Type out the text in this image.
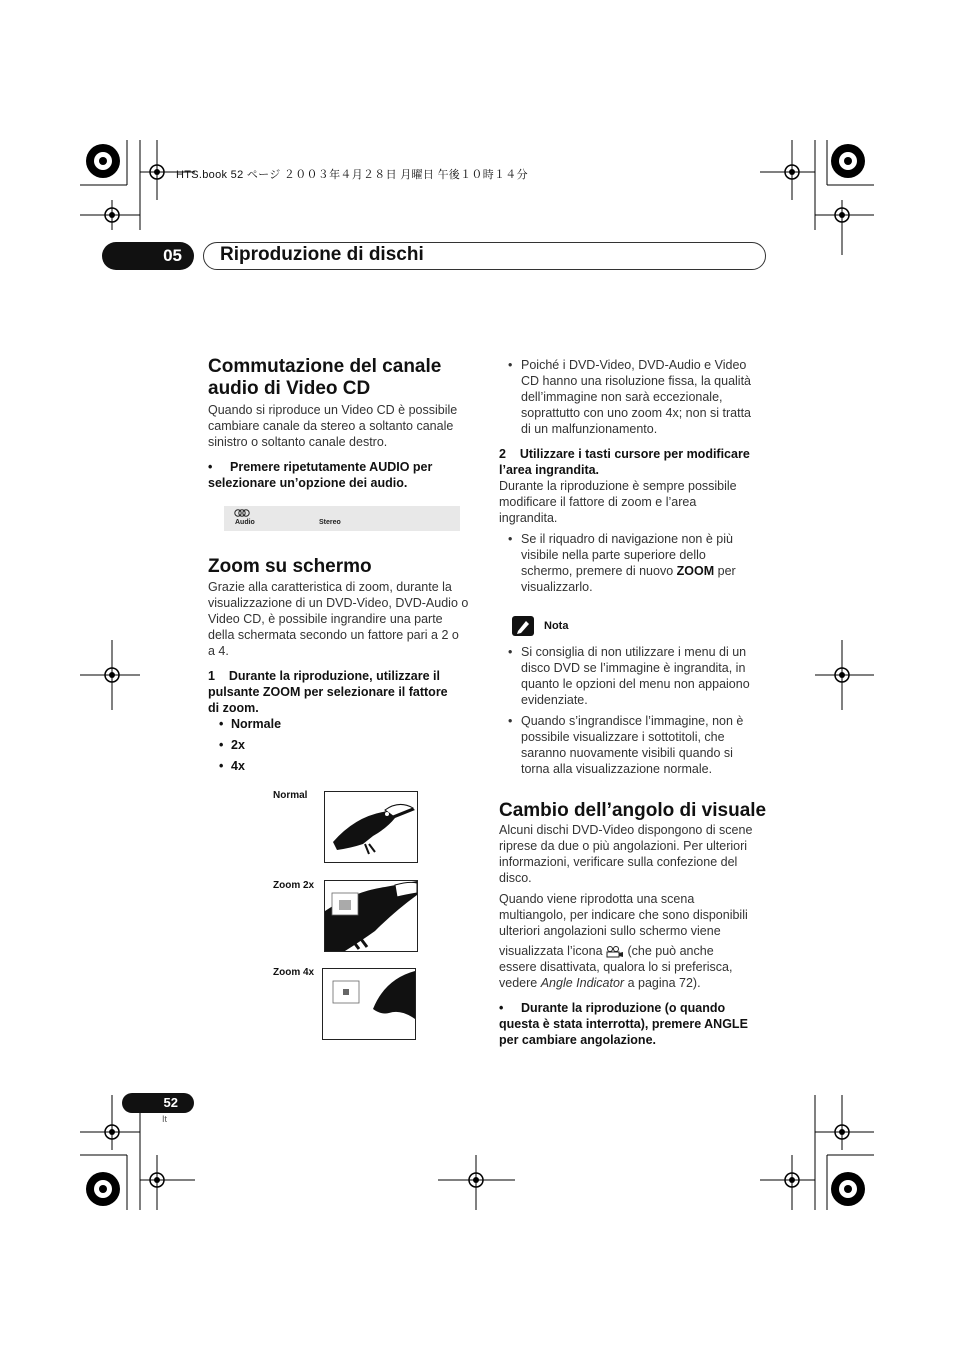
HTS.book 52 ページ ２００３年４月２８日 月曜日 午後１０時１４分
05	Riproduzione di dischi
Commutazione del canale
audio di Video CD

Quando si riproduce un Video CD è possibile

cambiare canale da stereo a soltanto canale

sinistro o soltanto canale destro.

• Premere ripetutamente AUDIO per

selezionare un’opzione dei audio.

Audio	Stereo
Zoom su schermo

Grazie alla caratteristica di zoom, durante la

visualizzazione di un DVD-Video, DVD-Audio o

Video CD, è possibile ingrandire una parte

della schermata secondo un fattore pari a 2 o

a 4.

1    Durante la riproduzione, utilizzare il

pulsante ZOOM per selezionare il fattore

di zoom.

• Normale

• 2x

• 4x

Normal
Zoom 2x
Zoom 4x
• Poiché i DVD-Video, DVD-Audio e Video
CD hanno una risoluzione fissa, la qualità
dell’immagine non sarà eccezionale,
soprattutto con uno zoom 4x; non si tratta
di un malfunzionamento.

2    Utilizzare i tasti cursore per modificare

l’area ingrandita.

Durante la riproduzione è sempre possibile

modificare il fattore di zoom e l’area

ingrandita.

• Se il riquadro di navigazione non è più
visibile nella parte superiore dello
schermo, premere di nuovo ZOOM per
visualizzarlo.
Nota
• Si consiglia di non utilizzare i menu di un
disco DVD se l’immagine è ingrandita, in
quanto le opzioni del menu non appaiono
evidenziate.
• Quando s’ingrandisce l’immagine, non è
possibile visualizzare i sottotitoli, che
saranno nuovamente visibili quando si
torna alla visualizzazione normale.
Cambio dell’angolo di visuale

Alcuni dischi DVD-Video dispongono di scene

riprese da due o più angolazioni. Per ulteriori

informazioni, verificare sulla confezione del

disco.

Quando viene riprodotta una scena

multiangolo, per indicare che sono disponibili

ulteriori angolazioni sullo schermo viene

visualizzata l’icona  (che può anche

essere disattivata, qualora lo si preferisca,

vedere Angle Indicator a pagina 72).

• Durante la riproduzione (o quando

questa è stata interrotta), premere ANGLE

per cambiare angolazione.

52
It
